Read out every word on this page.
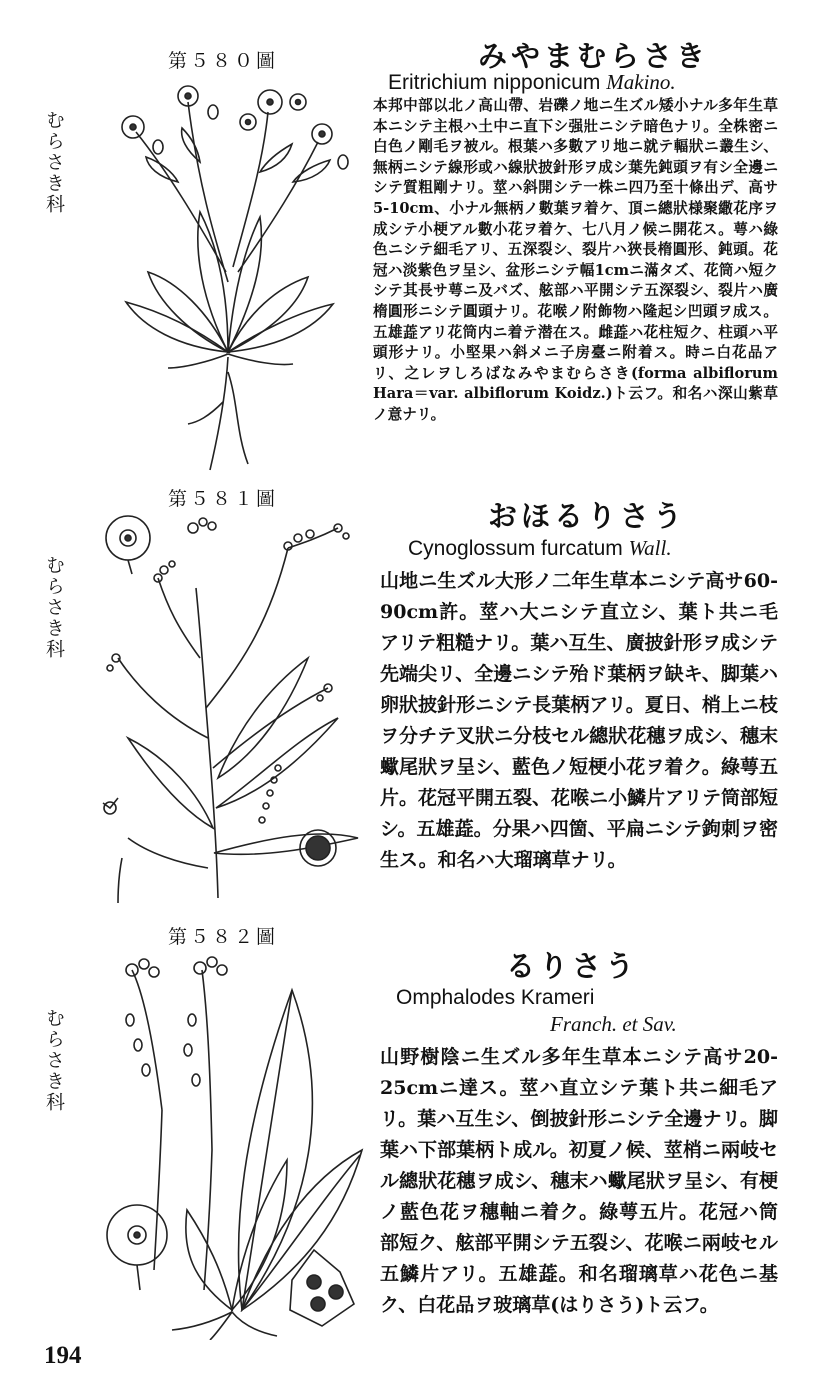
第５８０圖
むらさき科
みやまむらさき
Eritrichium nipponicum Makino.

本邦中部以北ノ高山帶、岩礫ノ地ニ生ズル矮小ナル多年生草本ニシテ主根ハ土中ニ直下シ强壯ニシテ暗色ナリ。全株密ニ白色ノ剛毛ヲ被ル。根葉ハ多數アリ地ニ就テ輻狀ニ叢生シ、無柄ニシテ線形或ハ線狀披針形ヲ成シ葉先鈍頭ヲ有シ全邊ニシテ質粗剛ナリ。莖ハ斜開シテ一株ニ四乃至十條出デ、高サ5-10cm、小ナル無柄ノ數葉ヲ着ケ、頂ニ總狀様聚繖花序ヲ成シテ小梗アル數小花ヲ着ケ、七八月ノ候ニ開花ス。萼ハ綠色ニシテ細毛アリ、五深裂シ、裂片ハ狹長楕圓形、鈍頭。花冠ハ淡紫色ヲ呈シ、盆形ニシテ幅1cmニ滿タズ、花筒ハ短クシテ其長サ萼ニ及バズ、舷部ハ平開シテ五深裂シ、裂片ハ廣楕圓形ニシテ圓頭ナリ。花喉ノ附飾物ハ隆起シ凹頭ヲ成ス。五雄蕋アリ花筒内ニ着テ潜在ス。雌蕋ハ花柱短ク、柱頭ハ平頭形ナリ。小堅果ハ斜メニ子房臺ニ附着ス。時ニ白花品アリ、之レヲしろばなみやまむらさき(forma albiflorum Hara＝var. albiflorum Koidz.)ト云フ。和名ハ深山紫草ノ意ナリ。

第５８１圖
むらさき科
おほるりさう
Cynoglossum furcatum Wall.

山地ニ生ズル大形ノ二年生草本ニシテ高サ60-90cm許。莖ハ大ニシテ直立シ、葉ト共ニ毛アリテ粗糙ナリ。葉ハ互生、廣披針形ヲ成シテ先端尖リ、全邊ニシテ殆ド葉柄ヲ缺キ、脚葉ハ卵狀披針形ニシテ長葉柄アリ。夏日、梢上ニ枝ヲ分チテ叉狀ニ分枝セル總狀花穗ヲ成シ、穗末蠍尾狀ヲ呈シ、藍色ノ短梗小花ヲ着ク。綠萼五片。花冠平開五裂、花喉ニ小鱗片アリテ筒部短シ。五雄蕋。分果ハ四箇、平扁ニシテ鉤刺ヲ密生ス。和名ハ大瑠璃草ナリ。

第５８２圖
むらさき科
るりさう
Omphalodes Krameri
Franch. et Sav.

山野樹陰ニ生ズル多年生草本ニシテ高サ20-25cmニ達ス。莖ハ直立シテ葉ト共ニ細毛アリ。葉ハ互生シ、倒披針形ニシテ全邊ナリ。脚葉ハ下部葉柄ト成ル。初夏ノ候、莖梢ニ兩岐セル總狀花穗ヲ成シ、穗末ハ蠍尾狀ヲ呈シ、有梗ノ藍色花ヲ穗軸ニ着ク。綠萼五片。花冠ハ筒部短ク、舷部平開シテ五裂シ、花喉ニ兩岐セル五鱗片アリ。五雄蕋。和名瑠璃草ハ花色ニ基ク、白花品ヲ玻璃草(はりさう)ト云フ。

194
